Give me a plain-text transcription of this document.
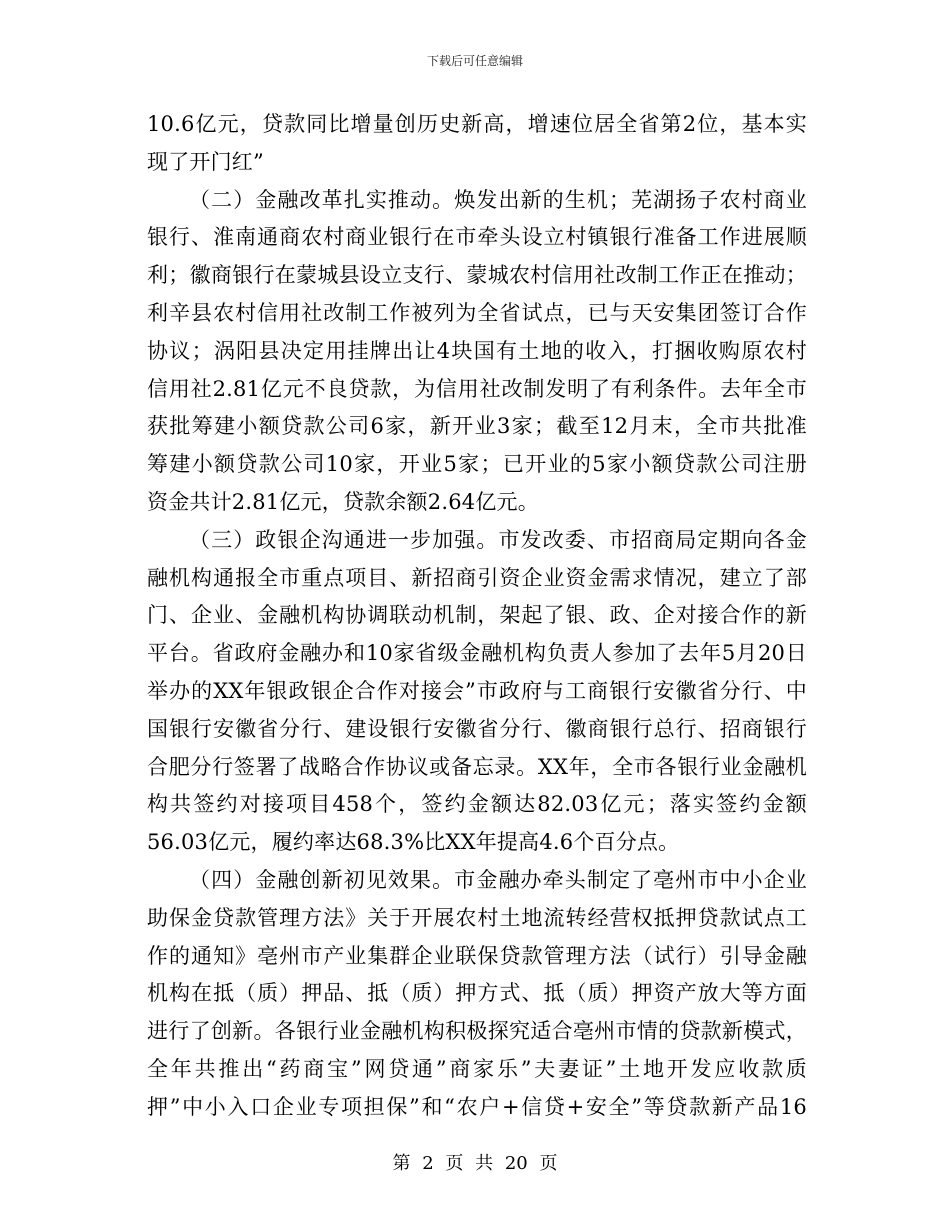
下载后可任意编辑
10.6亿元，贷款同比增量创历史新高，增速位居全省第2位，基本实
现了开门红”
（二）金融改革扎实推动。焕发出新的生机；芜湖扬子农村商业
银行、淮南通商农村商业银行在市牵头设立村镇银行准备工作进展顺
利；徽商银行在蒙城县设立支行、蒙城农村信用社改制工作正在推动；
利辛县农村信用社改制工作被列为全省试点，已与天安集团签订合作
协议；涡阳县决定用挂牌出让4块国有土地的收入，打捆收购原农村
信用社2.81亿元不良贷款，为信用社改制发明了有利条件。去年全市
获批筹建小额贷款公司6家，新开业3家；截至12月末，全市共批准
筹建小额贷款公司10家，开业5家；已开业的5家小额贷款公司注册
资金共计2.81亿元，贷款余额2.64亿元。
（三）政银企沟通进一步加强。市发改委、市招商局定期向各金
融机构通报全市重点项目、新招商引资企业资金需求情况，建立了部
门、企业、金融机构协调联动机制，架起了银、政、企对接合作的新
平台。省政府金融办和10家省级金融机构负责人参加了去年5月20日
举办的XX年银政银企合作对接会”市政府与工商银行安徽省分行、中
国银行安徽省分行、建设银行安徽省分行、徽商银行总行、招商银行
合肥分行签署了战略合作协议或备忘录。XX年，全市各银行业金融机
构共签约对接项目458个，签约金额达82.03亿元；落实签约金额
56.03亿元，履约率达68.3%比XX年提高4.6个百分点。
（四）金融创新初见效果。市金融办牵头制定了亳州市中小企业
助保金贷款管理方法》关于开展农村土地流转经营权抵押贷款试点工
作的通知》亳州市产业集群企业联保贷款管理方法（试行）引导金融
机构在抵（质）押品、抵（质）押方式、抵（质）押资产放大等方面
进行了创新。各银行业金融机构积极探究适合亳州市情的贷款新模式，
全年共推出“药商宝”网贷通”商家乐”夫妻证”土地开发应收款质
押”中小入口企业专项担保”和“农户+信贷+安全”等贷款新产品16
第 2 页 共 20 页
